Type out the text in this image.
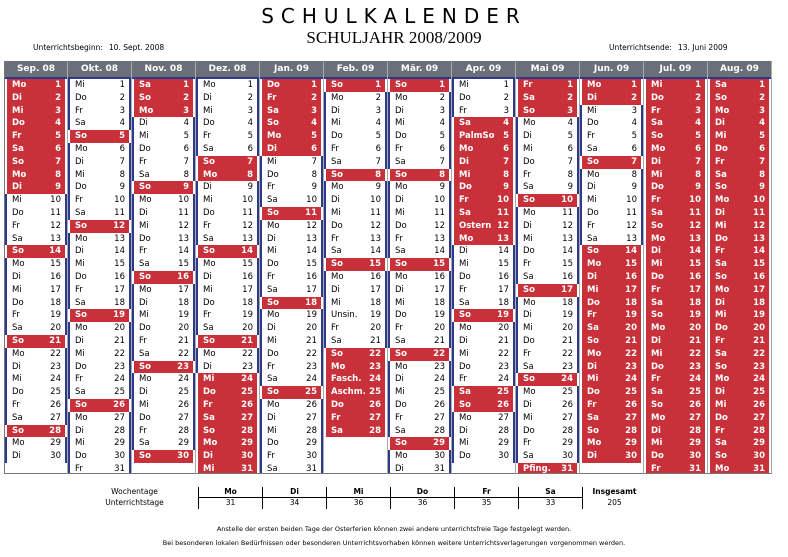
SCHULKALENDER
SCHULJAHR 2008/2009
Unterrichtsbeginn: 10. Sept. 2008	Unterrichtsende: 13. Juni 2009
Sep. 08
Mo	1
Di	2
Mi	3
Do	4
Fr	5
Sa	6
So	7
Mo	8
Di	9
Mi	10
Do	11
Fr	12
Sa	13
So	14
Mo	15
Di	16
Mi	17
Do	18
Fr	19
Sa	20
So	21
Mo	22
Di	23
Mi	24
Do	25
Fr	26
Sa	27
So	28
Mo	29
Di	30
Okt. 08
Mi	1
Do	2
Fr	3
Sa	4
So	5
Mo	6
Di	7
Mi	8
Do	9
Fr	10
Sa	11
So	12
Mo	13
Di	14
Mi	15
Do	16
Fr	17
Sa	18
So	19
Mo	20
Di	21
Mi	22
Do	23
Fr	24
Sa	25
So	26
Mo	27
Di	28
Mi	29
Do	30
Fr	31
Nov. 08
Sa	1
So	2
Mo	3
Di	4
Mi	5
Do	6
Fr	7
Sa	8
So	9
Mo	10
Di	11
Mi	12
Do	13
Fr	14
Sa	15
So	16
Mo	17
Di	18
Mi	19
Do	20
Fr	21
Sa	22
So	23
Mo	24
Di	25
Mi	26
Do	27
Fr	28
Sa	29
So	30
Dez. 08
Mo	1
Di	2
Mi	3
Do	4
Fr	5
Sa	6
So	7
Mo	8
Di	9
Mi	10
Do	11
Fr	12
Sa	13
So	14
Mo	15
Di	16
Mi	17
Do	18
Fr	19
Sa	20
So	21
Mo	22
Di	23
Mi	24
Do	25
Fr	26
Sa	27
So	28
Mo	29
Di	30
Mi	31
Jan. 09
Do	1
Fr	2
Sa	3
So	4
Mo	5
Di	6
Mi	7
Do	8
Fr	9
Sa	10
So	11
Mo	12
Di	13
Mi	14
Do	15
Fr	16
Sa	17
So	18
Mo	19
Di	20
Mi	21
Do	22
Fr	23
Sa	24
So	25
Mo	26
Di	27
Mi	28
Do	29
Fr	30
Sa	31
Feb. 09
So	1
Mo	2
Di	3
Mi	4
Do	5
Fr	6
Sa	7
So	8
Mo	9
Di	10
Mi	11
Do	12
Fr	13
Sa	14
So	15
Mo	16
Di	17
Mi	18
Unsin.	19
Fr	20
Sa	21
So	22
Mo	23
Fasch. 24
Aschm. 25
Do	26
Fr	27
Sa	28
Mär. 09
So	1
Mo	2
Di	3
Mi	4
Do	5
Fr	6
Sa	7
So	8
Mo	9
Di	10
Mi	11
Do	12
Fr	13
Sa	14
So	15
Mo	16
Di	17
Mi	18
Do	19
Fr	20
Sa	21
So	22
Mo	23
Di	24
Mi	25
Do	26
Fr	27
Sa	28
So	29
Mo	30
Di	31
Apr. 09
Mi	1
Do	2
Fr	3
Sa	4
PalmSo	5
Mo	6
Di	7
Mi	8
Do	9
Fr	10
Sa	11
Ostern 12
Mo	13
Di	14
Mi	15
Do	16
Fr	17
Sa	18
So	19
Mo	20
Di	21
Mi	22
Do	23
Fr	24
Sa	25
So	26
Mo	27
Di	28
Mi	29
Do	30
Mai 09
Fr	1
Sa	2
So	3
Mo	4
Di	5
Mi	6
Do	7
Fr	8
Sa	9
So	10
Mo	11
Di	12
Mi	13
Do	14
Fr	15
Sa	16
So	17
Mo	18
Di	19
Mi	20
Do	21
Fr	22
Sa	23
So	24
Mo	25
Di	26
Mi	27
Do	28
Fr	29
Sa	30
Pfing.	31
Jun. 09
Mo	1
Di	2
Mi	3
Do	4
Fr	5
Sa	6
So	7
Mo	8
Di	9
Mi	10
Do	11
Fr	12
Sa	13
So	14
Mo	15
Di	16
Mi	17
Do	18
Fr	19
Sa	20
So	21
Mo	22
Di	23
Mi	24
Do	25
Fr	26
Sa	27
So	28
Mo	29
Di	30
Jul. 09
Mi	1
Do	2
Fr	3
Sa	4
So	5
Mo	6
Di	7
Mi	8
Do	9
Fr	10
Sa	11
So	12
Mo	13
Di	14
Mi	15
Do	16
Fr	17
Sa	18
So	19
Mo	20
Di	21
Mi	22
Do	23
Fr	24
Sa	25
So	26
Mo	27
Di	28
Mi	29
Do	30
Fr	31
Aug. 09
Sa	1
So	2
Mo	3
Di	4
Mi	5
Do	6
Fr	7
Sa	8
So	9
Mo	10
Di	11
Mi	12
Do	13
Fr	14
Sa	15
So	16
Mo	17
Di	18
Mi	19
Do	20
Fr	21
Sa	22
So	23
Mo	24
Di	25
Mi	26
Do	27
Fr	28
Sa	29
So	30
Mo	31
Wochentage	Mo	Di	Mi	Do	Fr	Sa	Insgesamt
Unterrichtstage	31	34	36	36	35	33	205
Anstelle der ersten beiden Tage der Osterferien können zwei andere unterrichtsfreie Tage festgelegt werden.
Bei besonderen lokalen Bedürfnissen oder besonderen Unterrichtsvorhaben können weitere Unterrichtsverlagerungen vorgenommen werden.
